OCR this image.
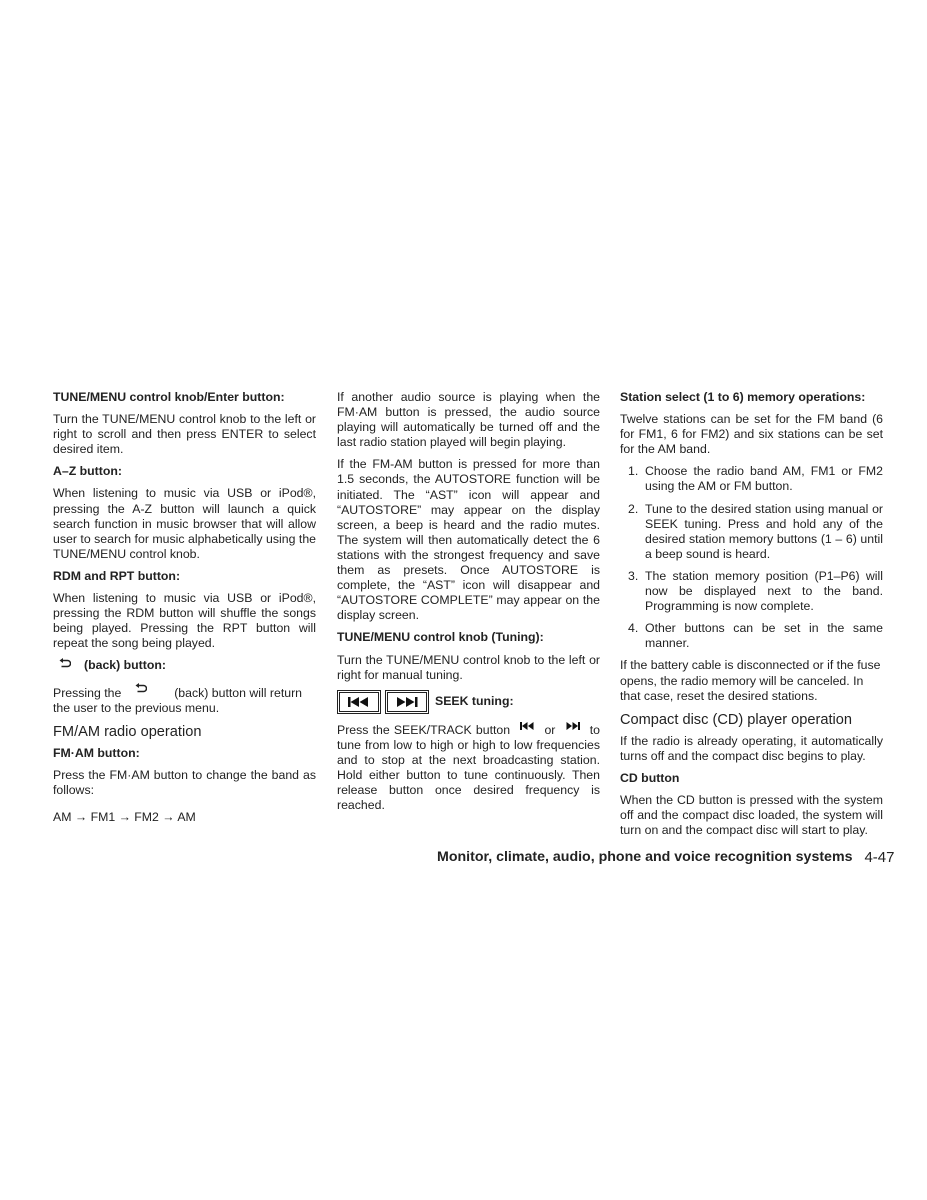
TUNE/MENU control knob/Enter button:

Turn the TUNE/MENU control knob to the left or right to scroll and then press ENTER to select desired item.

A–Z button:

When listening to music via USB or iPod®, pressing the A-Z button will launch a quick search function in music browser that will allow user to search for music alphabetically using the TUNE/MENU control knob.

RDM and RPT button:

When listening to music via USB or iPod®, pressing the RDM button will shuffle the songs being played. Pressing the RPT button will repeat the song being played.

(back) button:

Pressing the	(back) button will return the user to the previous menu.

FM/AM radio operation
FM·AM button:

Press the FM·AM button to change the band as follows:

AM → FM1 → FM2 → AM

If another audio source is playing when the FM·AM button is pressed, the audio source playing will automatically be turned off and the last radio station played will begin playing.

If the FM-AM button is pressed for more than 1.5 seconds, the AUTOSTORE function will be initiated. The “AST” icon will appear and “AUTOSTORE” may appear on the display screen, a beep is heard and the radio mutes. The system will then automatically detect the 6 stations with the strongest frequency and save them as presets. Once AUTOSTORE is complete, the “AST” icon will disappear and “AUTOSTORE COMPLETE” may appear on the display screen.

TUNE/MENU control knob (Tuning):

Turn the TUNE/MENU control knob to the left or right for manual tuning.

SEEK tuning:

Press the SEEK/TRACK button	or	to tune from low to high or high to low frequencies and to stop at the next broadcasting station. Hold either button to tune continuously. Then release button once desired frequency is reached.

Station select (1 to 6) memory operations:

Twelve stations can be set for the FM band (6 for FM1, 6 for FM2) and six stations can be set for the AM band.

1. Choose the radio band AM, FM1 or FM2 using the AM or FM button.
2. Tune to the desired station using manual or SEEK tuning. Press and hold any of the desired station memory buttons (1 – 6) until a beep sound is heard.
3. The station memory position (P1–P6) will now be displayed next to the band. Programming is now complete.
4. Other buttons can be set in the same manner.

If the battery cable is disconnected or if the fuse opens, the radio memory will be canceled. In that case, reset the desired stations.

Compact disc (CD) player operation

If the radio is already operating, it automatically turns off and the compact disc begins to play.

CD button

When the CD button is pressed with the system off and the compact disc loaded, the system will turn on and the compact disc will start to play.

Monitor, climate, audio, phone and voice recognition systems 4-47
